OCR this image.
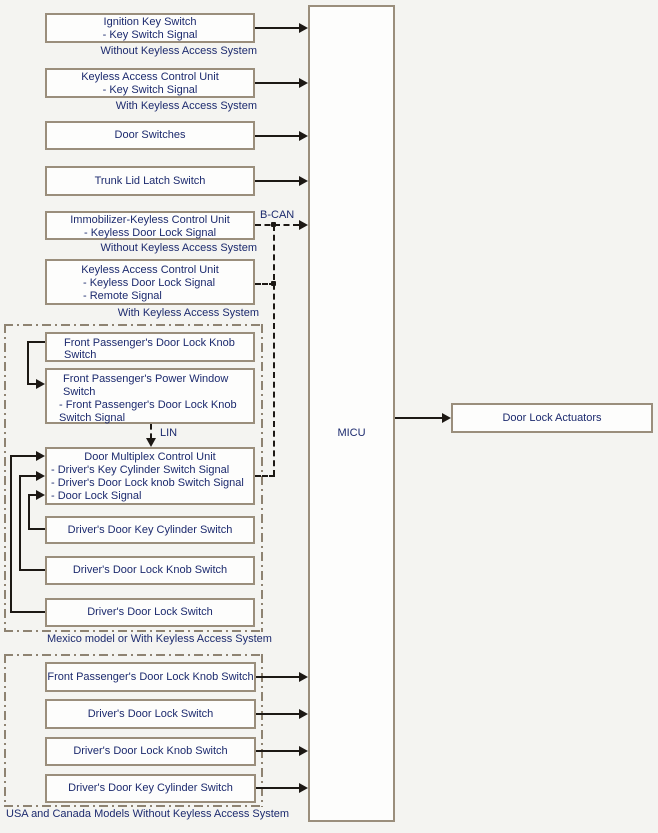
MICU
Door Lock Actuators
Ignition Key Switch
- Key Switch Signal
Without Keyless Access System
Keyless Access Control Unit
- Key Switch Signal
With Keyless Access System
Door Switches
Trunk Lid Latch Switch
Immobilizer-Keyless Control Unit
- Keyless Door Lock Signal
Without Keyless Access System
B-CAN
Keyless Access Control Unit
- Keyless Door Lock Signal
- Remote Signal
With Keyless Access System
Mexico model or With Keyless Access System
Front Passenger's Door Lock Knob Switch
Front Passenger's Power Window Switch
- Front Passenger's Door Lock Knob Switch Signal
LIN
Door Multiplex Control Unit
- Driver's Key Cylinder Switch Signal
- Driver's Door Lock knob Switch Signal
- Door Lock Signal
Driver's Door Key Cylinder Switch
Driver's Door Lock Knob Switch
Driver's Door Lock Switch
USA and Canada Models Without Keyless Access System
Front Passenger's Door Lock Knob Switch
Driver's Door Lock Switch
Driver's Door Lock Knob Switch
Driver's Door Key Cylinder Switch
